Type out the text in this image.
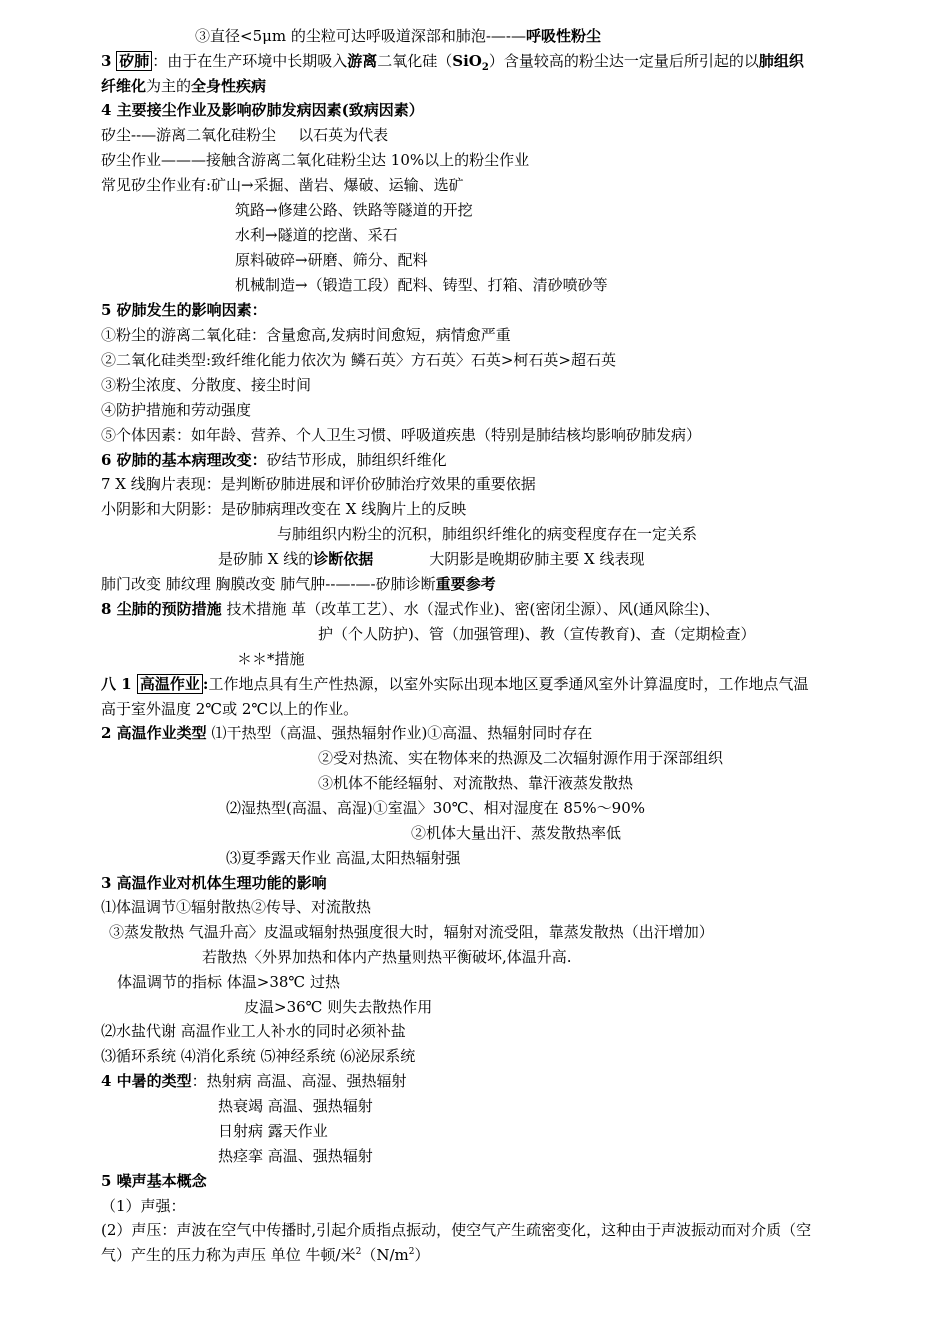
③直径<5μm 的尘粒可达呼吸道深部和肺泡-—-—呼吸性粉尘
3 矽肺 ：由于在生产环境中长期吸入游离二氧化硅（SiO$_2$）含量较高的粉尘达一定量后所引起的以肺组织
纤维化为主的全身性疾病
4 主要接尘作业及影响矽肺发病因素(致病因素）
矽尘--—游离二氧化硅粉尘 以石英为代表
矽尘作业———接触含游离二氧化硅粉尘达 10%以上的粉尘作业
常见矽尘作业有:矿山→采掘、凿岩、爆破、运输、选矿
筑路→修建公路、铁路等隧道的开挖
水利→隧道的挖凿、采石
原料破碎→研磨、筛分、配料
机械制造→（锻造工段）配料、铸型、打箱、清砂喷砂等
5 矽肺发生的影响因素：
①粉尘的游离二氧化硅：含量愈高,发病时间愈短，病情愈严重
②二氧化硅类型:致纤维化能力依次为 鳞石英〉方石英〉石英>柯石英>超石英
③粉尘浓度、分散度、接尘时间
④防护措施和劳动强度
⑤个体因素：如年龄、营养、个人卫生习惯、呼吸道疾患（特别是肺结核均影响矽肺发病）
6 矽肺的基本病理改变：矽结节形成，肺组织纤维化
7 X 线胸片表现：是判断矽肺进展和评价矽肺治疗效果的重要依据
小阴影和大阴影：是矽肺病理改变在 X 线胸片上的反映
与肺组织内粉尘的沉积，肺组织纤维化的病变程度存在一定关系
是矽肺 X 线的诊断依据	大阴影是晚期矽肺主要 X 线表现
肺门改变 肺纹理 胸膜改变 肺气肿--—-—-矽肺诊断重要参考
8 尘肺的预防措施 技术措施 革（改革工艺）、水（湿式作业)、密(密闭尘源）、风(通风除尘)、
护（个人防护)、管（加强管理)、教（宣传教育)、查（定期检查）
＊＊*措施
八 1 高温作业 :工作地点具有生产性热源，以室外实际出现本地区夏季通风室外计算温度时，工作地点气温
高于室外温度 2℃或 2℃以上的作业。
2 高温作业类型 ⑴干热型（高温、强热辐射作业)①高温、热辐射同时存在
②受对热流、实在物体来的热源及二次辐射源作用于深部组织
③机体不能经辐射、对流散热、靠汗液蒸发散热
⑵湿热型(高温、高湿)①室温〉30℃、相对湿度在 85%～90%
②机体大量出汗、蒸发散热率低
⑶夏季露天作业 高温,太阳热辐射强
3 高温作业对机体生理功能的影响
⑴体温调节①辐射散热②传导、对流散热
③蒸发散热 气温升高〉皮温或辐射热强度很大时，辐射对流受阻，靠蒸发散热（出汗增加）
若散热〈外界加热和体内产热量则热平衡破坏,体温升高.
体温调节的指标 体温>38℃ 过热
皮温>36℃ 则失去散热作用
⑵水盐代谢 高温作业工人补水的同时必须补盐
⑶循环系统 ⑷消化系统 ⑸神经系统 ⑹泌尿系统
4 中暑的类型：热射病 高温、高湿、强热辐射
热衰竭 高温、强热辐射
日射病 露天作业
热痉挛 高温、强热辐射
5 噪声基本概念
（1）声强：
(2）声压：声波在空气中传播时,引起介质指点振动，使空气产生疏密变化，这种由于声波振动而对介质（空
气）产生的压力称为声压 单位 牛顿/米$^2(N/m^2)$
